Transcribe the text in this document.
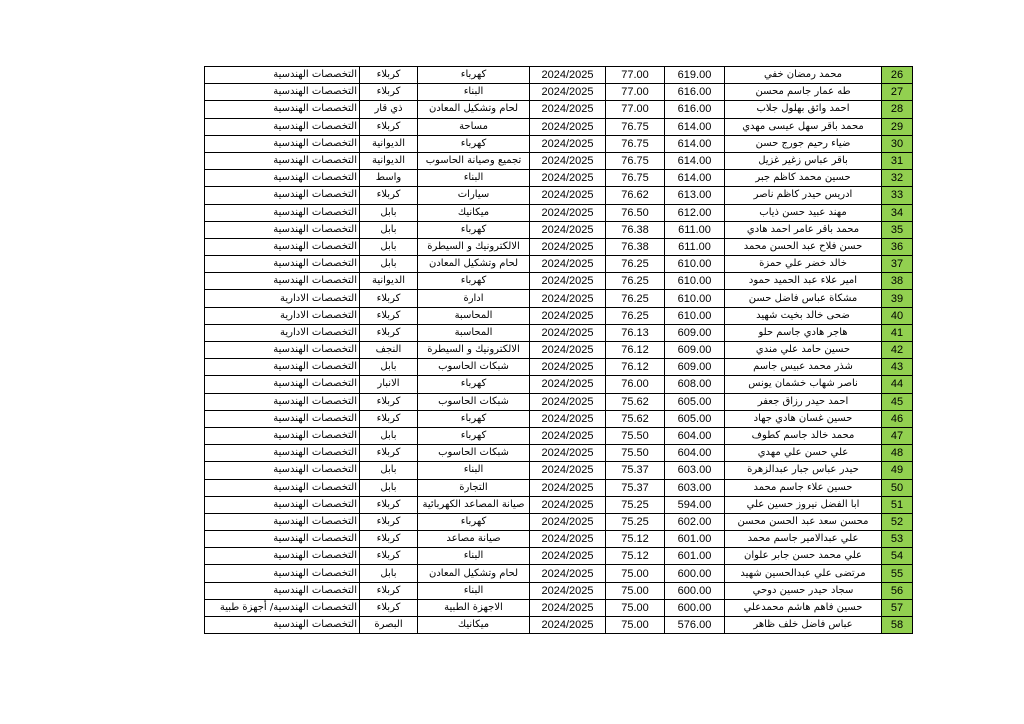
التخصصات الهندسية	كربلاء	كهرباء	2024/2025	77.00	619.00	محمد رمضان خفي	26
التخصصات الهندسية	كربلاء	البناء	2024/2025	77.00	616.00	طه عمار جاسم محسن	27
التخصصات الهندسية	ذي قار	لحام وتشكيل المعادن	2024/2025	77.00	616.00	احمد وائق بهلول جلاب	28
التخصصات الهندسية	كربلاء	مساحة	2024/2025	76.75	614.00	محمد باقر سهل عيسى مهدي	29
التخصصات الهندسية	الديوانية	كهرباء	2024/2025	76.75	614.00	ضياء رحيم جورج حسن	30
التخصصات الهندسية	الديوانية	تجميع وصيانة الحاسوب	2024/2025	76.75	614.00	باقر عباس زغير غزيل	31
التخصصات الهندسية	واسط	البناء	2024/2025	76.75	614.00	حسين محمد كاظم جبر	32
التخصصات الهندسية	كربلاء	سيارات	2024/2025	76.62	613.00	ادريس حيدر كاظم ناصر	33
التخصصات الهندسية	بابل	ميكانيك	2024/2025	76.50	612.00	مهند عبيد حسن ذياب	34
التخصصات الهندسية	بابل	كهرباء	2024/2025	76.38	611.00	محمد باقر عامر احمد هادي	35
التخصصات الهندسية	بابل	الالكترونيك و السيطرة	2024/2025	76.38	611.00	حسن فلاح عبد الحسن محمد	36
التخصصات الهندسية	بابل	لحام وتشكيل المعادن	2024/2025	76.25	610.00	خالد خضر علي حمزة	37
التخصصات الهندسية	الديوانية	كهرباء	2024/2025	76.25	610.00	امير علاء عبد الحميد حمود	38
التخصصات الادارية	كربلاء	ادارة	2024/2025	76.25	610.00	مشكاة عباس فاضل حسن	39
التخصصات الادارية	كربلاء	المحاسبة	2024/2025	76.25	610.00	ضحى خالد بخيت شهيد	40
التخصصات الادارية	كربلاء	المحاسبة	2024/2025	76.13	609.00	هاجر هادي جاسم حلو	41
التخصصات الهندسية	النجف	الالكترونيك و السيطرة	2024/2025	76.12	609.00	حسين حامد علي مندي	42
التخصصات الهندسية	بابل	شبكات الحاسوب	2024/2025	76.12	609.00	شذر محمد عبيس جاسم	43
التخصصات الهندسية	الانبار	كهرباء	2024/2025	76.00	608.00	ناصر شهاب خشمان يونس	44
التخصصات الهندسية	كربلاء	شبكات الحاسوب	2024/2025	75.62	605.00	احمد حيدر رزاق جعفر	45
التخصصات الهندسية	كربلاء	كهرباء	2024/2025	75.62	605.00	حسين غسان هادي جهاد	46
التخصصات الهندسية	بابل	كهرباء	2024/2025	75.50	604.00	محمد خالد جاسم كطوف	47
التخصصات الهندسية	كربلاء	شبكات الحاسوب	2024/2025	75.50	604.00	علي حسن علي مهدي	48
التخصصات الهندسية	بابل	البناء	2024/2025	75.37	603.00	حيدر عباس جبار عبدالزهرة	49
التخصصات الهندسية	بابل	التجارة	2024/2025	75.37	603.00	حسين علاء جاسم محمد	50
التخصصات الهندسية	كربلاء	صيانة المصاعد الكهربائية	2024/2025	75.25	594.00	ابا الفضل نيروز حسين علي	51
التخصصات الهندسية	كربلاء	كهرباء	2024/2025	75.25	602.00	محسن سعد عبد الحسن محسن	52
التخصصات الهندسية	كربلاء	صيانة مصاعد	2024/2025	75.12	601.00	علي عبدالامير جاسم محمد	53
التخصصات الهندسية	كربلاء	البناء	2024/2025	75.12	601.00	علي محمد حسن جابر علوان	54
التخصصات الهندسية	بابل	لحام وتشكيل المعادن	2024/2025	75.00	600.00	مرتضى علي عبدالحسين شهيد	55
التخصصات الهندسية	كربلاء	البناء	2024/2025	75.00	600.00	سجاد حيدر حسين دوحي	56
التخصصات الهندسية/ أجهزة طبية	كربلاء	الاجهزة الطبية	2024/2025	75.00	600.00	حسين فاهم هاشم محمدعلي	57
التخصصات الهندسية	البصرة	ميكانيك	2024/2025	75.00	576.00	عباس فاضل خلف ظاهر	58
